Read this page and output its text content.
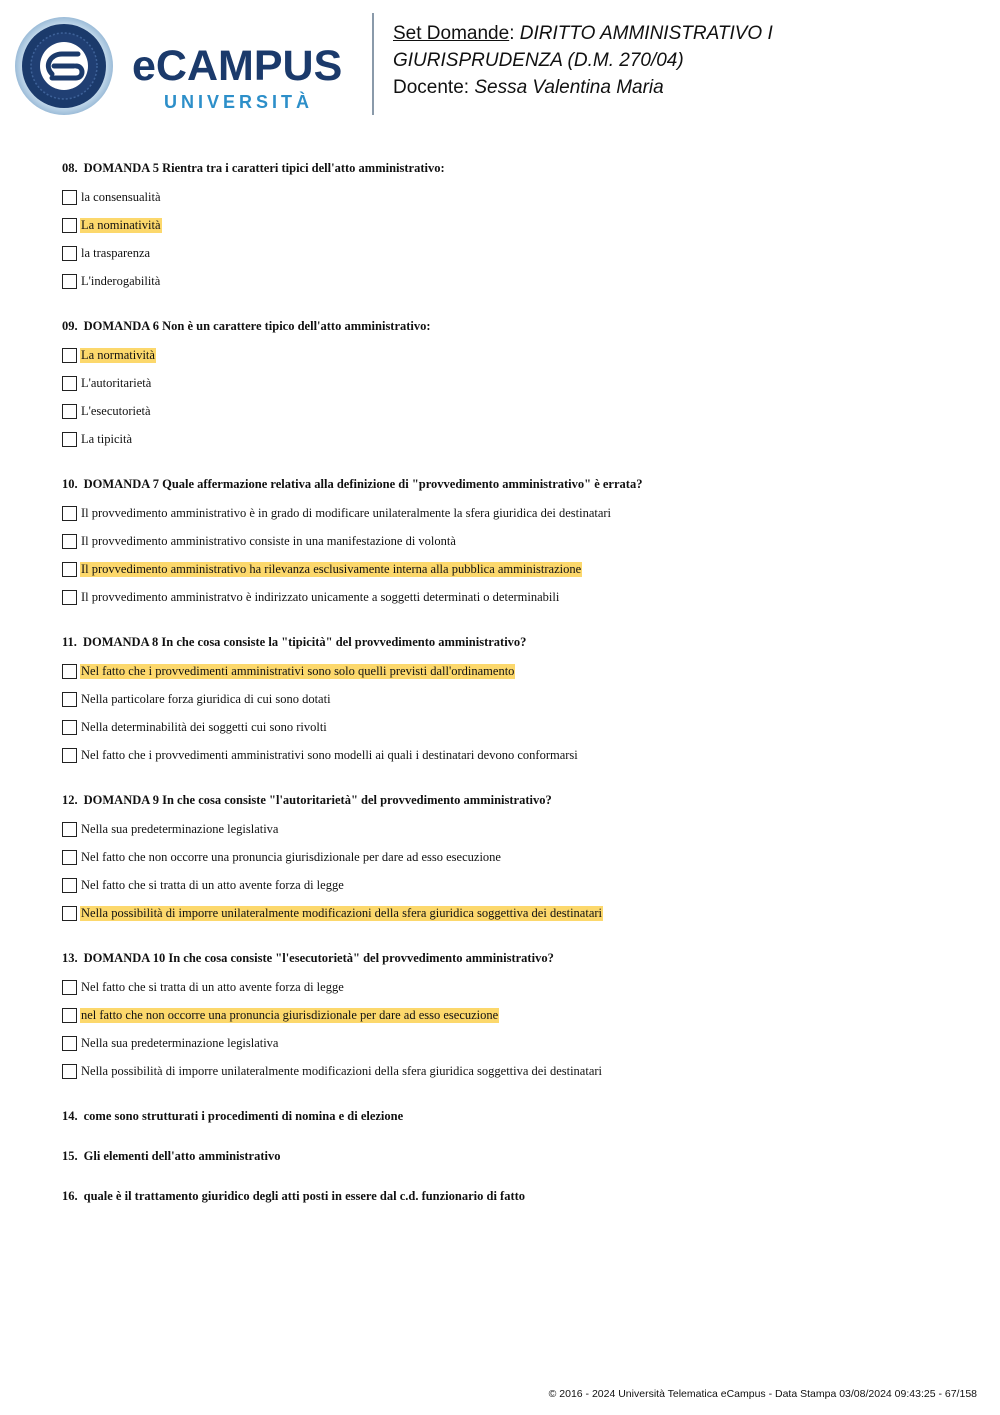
eCAMPUS
UNIVERSITÀ
Set Domande: DIRITTO AMMINISTRATIVO I
GIURISPRUDENZA (D.M. 270/04)
Docente: Sessa Valentina Maria
08. DOMANDA 5 Rientra tra i caratteri tipici dell'atto amministrativo:
la consensualità
La nominatività
la trasparenza
L'inderogabilità
09. DOMANDA 6 Non è un carattere tipico dell'atto amministrativo:
La normatività
L'autoritarietà
L'esecutorietà
La tipicità
10. DOMANDA 7 Quale affermazione relativa alla definizione di "provvedimento amministrativo" è errata?
Il provvedimento amministrativo è in grado di modificare unilateralmente la sfera giuridica dei destinatari
Il provvedimento amministrativo consiste in una manifestazione di volontà
Il provvedimento amministrativo ha rilevanza esclusivamente interna alla pubblica amministrazione
Il provvedimento amministratvo è indirizzato unicamente a soggetti determinati o determinabili
11. DOMANDA 8 In che cosa consiste la "tipicità" del provvedimento amministrativo?
Nel fatto che i provvedimenti amministrativi sono solo quelli previsti dall'ordinamento
Nella particolare forza giuridica di cui sono dotati
Nella determinabilità dei soggetti cui sono rivolti
Nel fatto che i provvedimenti amministrativi sono modelli ai quali i destinatari devono conformarsi
12. DOMANDA 9 In che cosa consiste "l'autoritarietà" del provvedimento amministrativo?
Nella sua predeterminazione legislativa
Nel fatto che non occorre una pronuncia giurisdizionale per dare ad esso esecuzione
Nel fatto che si tratta di un atto avente forza di legge
Nella possibilità di imporre unilateralmente modificazioni della sfera giuridica soggettiva dei destinatari
13. DOMANDA 10 In che cosa consiste "l'esecutorietà" del provvedimento amministrativo?
Nel fatto che si tratta di un atto avente forza di legge
nel fatto che non occorre una pronuncia giurisdizionale per dare ad esso esecuzione
Nella sua predeterminazione legislativa
Nella possibilità di imporre unilateralmente modificazioni della sfera giuridica soggettiva dei destinatari
14. come sono strutturati i procedimenti di nomina e di elezione
15. Gli elementi dell'atto amministrativo
16. quale è il trattamento giuridico degli atti posti in essere dal c.d. funzionario di fatto
© 2016 - 2024 Università Telematica eCampus - Data Stampa 03/08/2024 09:43:25 - 67/158
